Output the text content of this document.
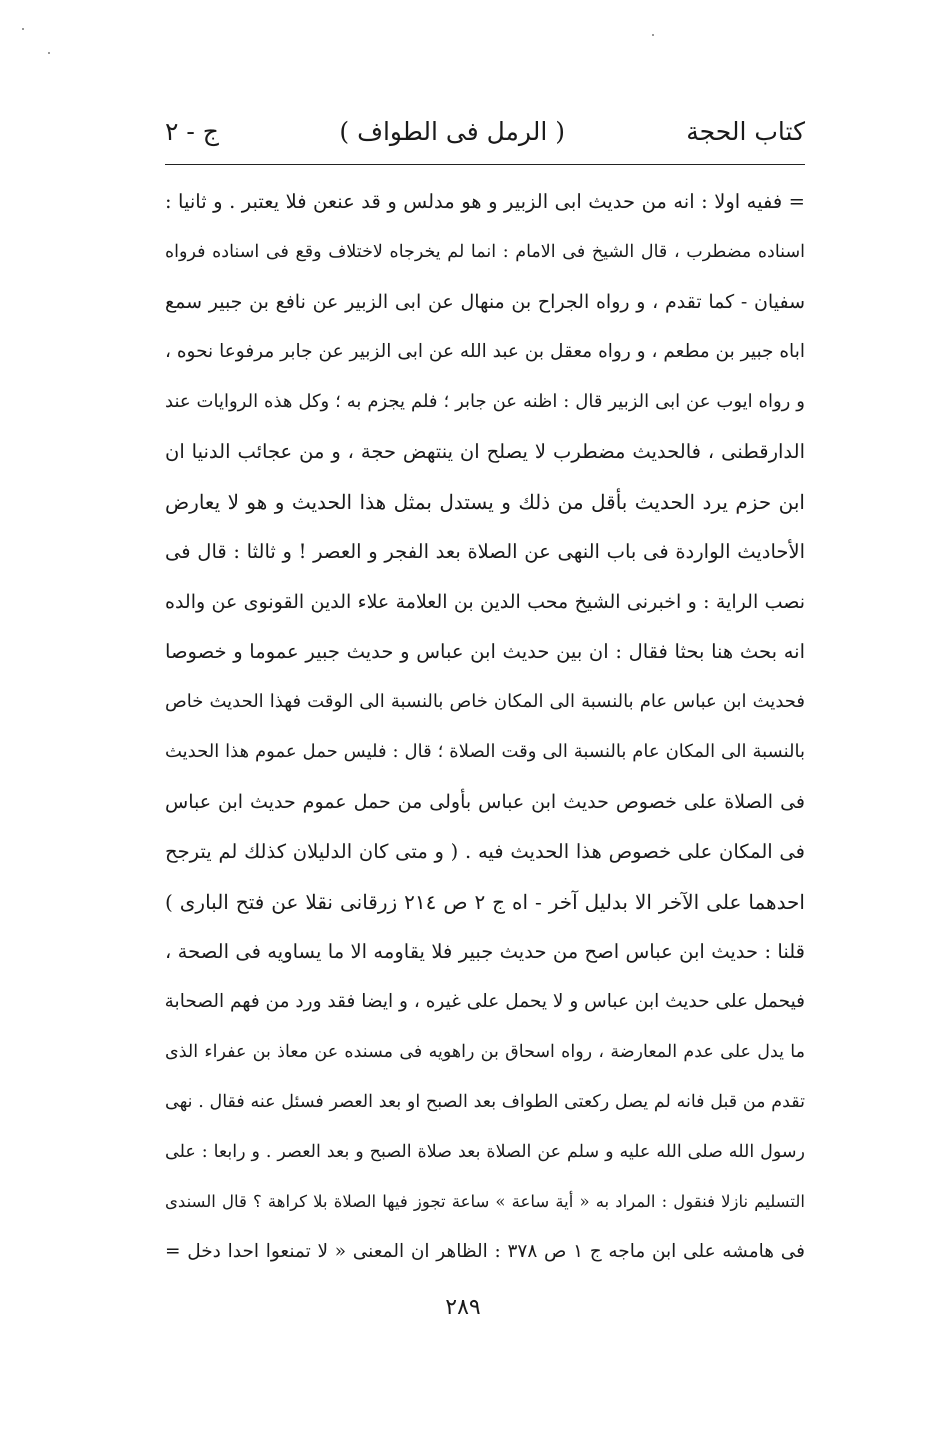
كتاب الحجة
( الرمل فى الطواف )
ج - ٢
= ففيه اولا : انه من حديث ابى الزبير و هو مدلس و قد عنعن فلا يعتبر . و ثانيا :
اسناده مضطرب ، قال الشيخ فى الامام : انما لم يخرجاه لاختلاف وقع فى اسناده فرواه
سفيان - كما تقدم ، و رواه الجراح بن منهال عن ابى الزبير عن نافع بن جبير سمع
اباه جبير بن مطعم ، و رواه معقل بن عبد الله عن ابى الزبير عن جابر مرفوعا نحوه ،
و رواه ايوب عن ابى الزبير قال : اظنه عن جابر ؛ فلم يجزم به ؛ وكل هذه الروايات عند
الدارقطنى ، فالحديث مضطرب لا يصلح ان ينتهض حجة ، و من عجائب الدنيا ان
ابن حزم يرد الحديث بأقل من ذلك و يستدل بمثل هذا الحديث و هو لا يعارض
الأحاديث الواردة فى باب النهى عن الصلاة بعد الفجر و العصر ! و ثالثا : قال فى
نصب الراية : و اخبرنى الشيخ محب الدين بن العلامة علاء الدين القونوى عن والده
انه بحث هنا بحثا فقال : ان بين حديث ابن عباس و حديث جبير عموما و خصوصا
فحديث ابن عباس عام بالنسبة الى المكان خاص بالنسبة الى الوقت فهذا الحديث خاص
بالنسبة الى المكان عام بالنسبة الى وقت الصلاة ؛ قال : فليس حمل عموم هذا الحديث
فى الصلاة على خصوص حديث ابن عباس بأولى من حمل عموم حديث ابن عباس
فى المكان على خصوص هذا الحديث فيه . ( و متى كان الدليلان كذلك لم يترجح
احدهما على الآخر الا بدليل آخر - اه ج ٢ ص ٢١٤ زرقانى نقلا عن فتح البارى )
قلنا : حديث ابن عباس اصح من حديث جبير فلا يقاومه الا ما يساويه فى الصحة ،
فيحمل على حديث ابن عباس و لا يحمل على غيره ، و ايضا فقد ورد من فهم الصحابة
ما يدل على عدم المعارضة ، رواه اسحاق بن راهويه فى مسنده عن معاذ بن عفراء الذى
تقدم من قبل فانه لم يصل ركعتى الطواف بعد الصبح او بعد العصر فسئل عنه فقال . نهى
رسول الله صلى الله عليه و سلم عن الصلاة بعد صلاة الصبح و بعد العصر . و رابعا : على
التسليم نازلا فنقول : المراد به « أية ساعة » ساعة تجوز فيها الصلاة بلا كراهة ؟ قال السندى
فى هامشه على ابن ماجه ج ١ ص ٣٧٨ : الظاهر ان المعنى « لا تمنعوا احدا دخل =
٢٨٩
